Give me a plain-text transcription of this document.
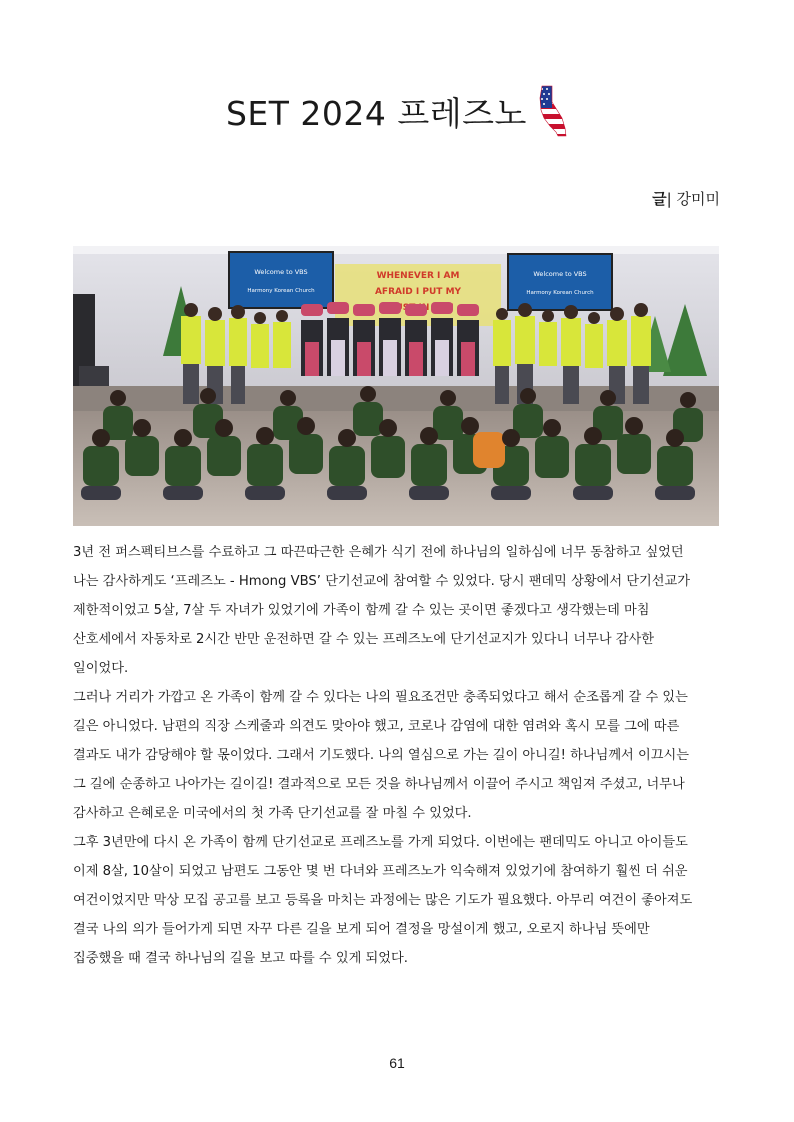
SET 2024 프레즈노
글| 강미미
Welcome to VBS
Harmony Korean Church
Welcome to VBS
Harmony Korean Church
WHENEVER I AM
AFRAID I PUT MY
3년 전 퍼스펙티브스를 수료하고 그 따끈따근한 은혜가 식기 전에 하나님의 일하심에 너무 동참하고 싶었던
나는 감사하게도 ‘프레즈노 - Hmong VBS’ 단기선교에 참여할 수 있었다. 당시 팬데믹 상황에서 단기선교가
제한적이었고 5살, 7살 두 자녀가 있었기에 가족이 함께 갈 수 있는 곳이면 좋겠다고 생각했는데 마침
산호세에서 자동차로 2시간 반만 운전하면 갈 수 있는 프레즈노에 단기선교지가 있다니 너무나 감사한
일이었다.
그러나 거리가 가깝고 온 가족이 함께 갈 수 있다는 나의 필요조건만 충족되었다고 해서 순조롭게 갈 수 있는
길은 아니었다. 남편의 직장 스케줄과 의견도 맞아야 했고, 코로나 감염에 대한 염려와 혹시 모를 그에 따른
결과도 내가 감당해야 할 몫이었다. 그래서 기도했다. 나의 열심으로 가는 길이 아니길! 하나님께서 이끄시는
그 길에 순종하고 나아가는 길이길! 결과적으로 모든 것을 하나님께서 이끌어 주시고 책임져 주셨고, 너무나
감사하고 은혜로운 미국에서의 첫 가족 단기선교를 잘 마칠 수 있었다.
그후 3년만에 다시 온 가족이 함께 단기선교로 프레즈노를 가게 되었다. 이번에는 팬데믹도 아니고 아이들도
이제 8살, 10살이 되었고 남편도 그동안 몇 번 다녀와 프레즈노가 익숙해져 있었기에 참여하기 훨씬 더 쉬운
여건이었지만 막상 모집 공고를 보고 등록을 마치는 과정에는 많은 기도가 필요했다. 아무리 여건이 좋아져도
결국 나의 의가 들어가게 되면 자꾸 다른 길을 보게 되어 결정을 망설이게 했고, 오로지 하나님 뜻에만
집중했을 때 결국 하나님의 길을 보고 따를 수 있게 되었다.
61
